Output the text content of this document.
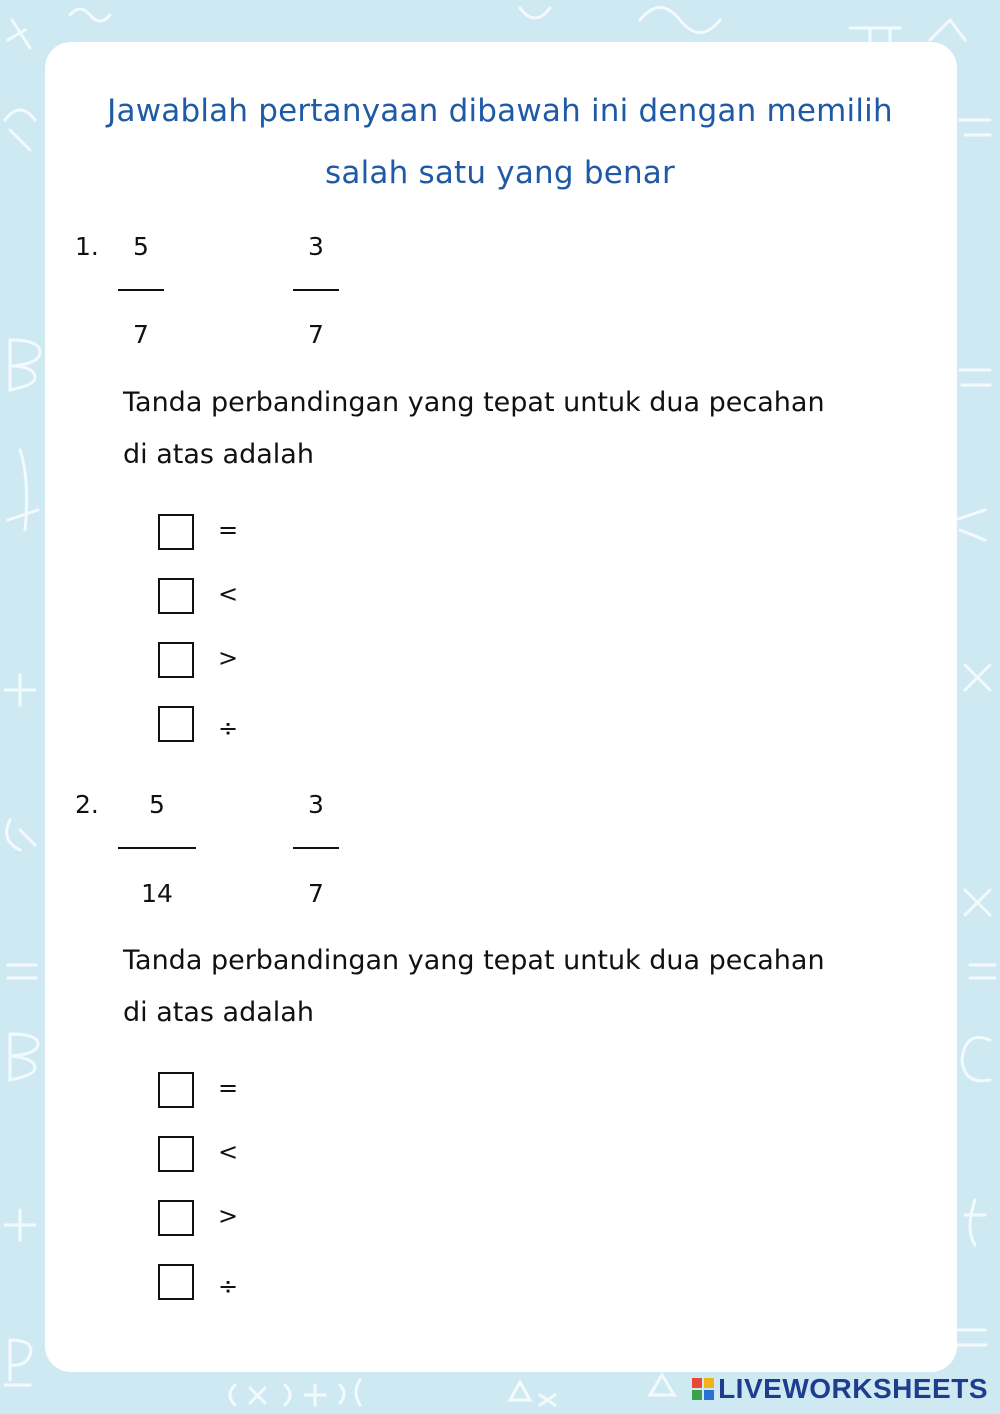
Jawablah pertanyaan dibawah ini dengan memilih
salah satu yang benar
1.	5
7
3
7
Tanda perbandingan yang tepat untuk dua pecahan
di atas adalah
=
<
>
÷
2.	5
14
3
7
Tanda perbandingan yang tepat untuk dua pecahan
di atas adalah
=
<
>
÷
LIVEWORKSHEETS
